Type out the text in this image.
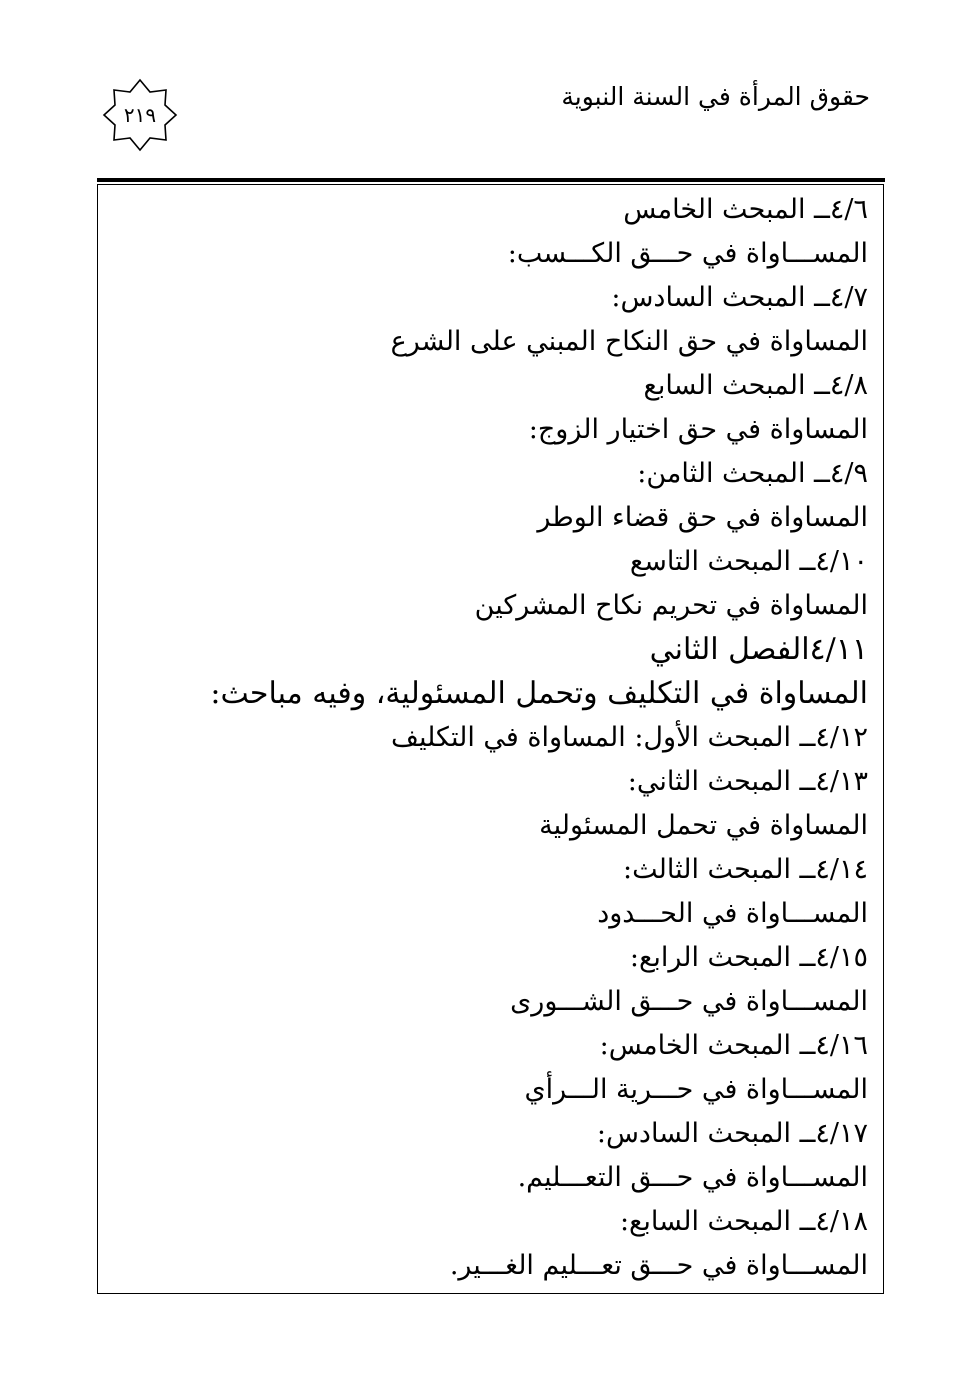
حقوق المرأة في السنة النبوية
٢١٩
٤/٦ــ المبحث الخامس
المســـاواة في حـــق الكـــسب:
٤/٧ــ المبحث السادس:
المساواة في حق النكاح المبني على الشرع
٤/٨ــ المبحث السابع
المساواة في حق اختيار الزوج:
٤/٩ــ المبحث الثامن:
المساواة في حق قضاء الوطر
٤/١٠ــ المبحث التاسع
المساواة في تحريم نكاح المشركين
٤/١١الفصل الثاني
المساواة في التكليف وتحمل المسئولية، وفيه مباحث:
٤/١٢ــ المبحث الأول: المساواة في التكليف
٤/١٣ــ المبحث الثاني:
المساواة في تحمل المسئولية
٤/١٤ــ المبحث الثالث:
المســـاواة في الحـــدود
٤/١٥ــ المبحث الرابع:
المســـاواة في حـــق الشـــورى
٤/١٦ــ المبحث الخامس:
المســـاواة في حـــرية الـــرأي
٤/١٧ــ المبحث السادس:
المســـاواة في حـــق التعـــليم.
٤/١٨ــ المبحث السابع:
المســـاواة في حـــق تعـــليم الغـــير.
